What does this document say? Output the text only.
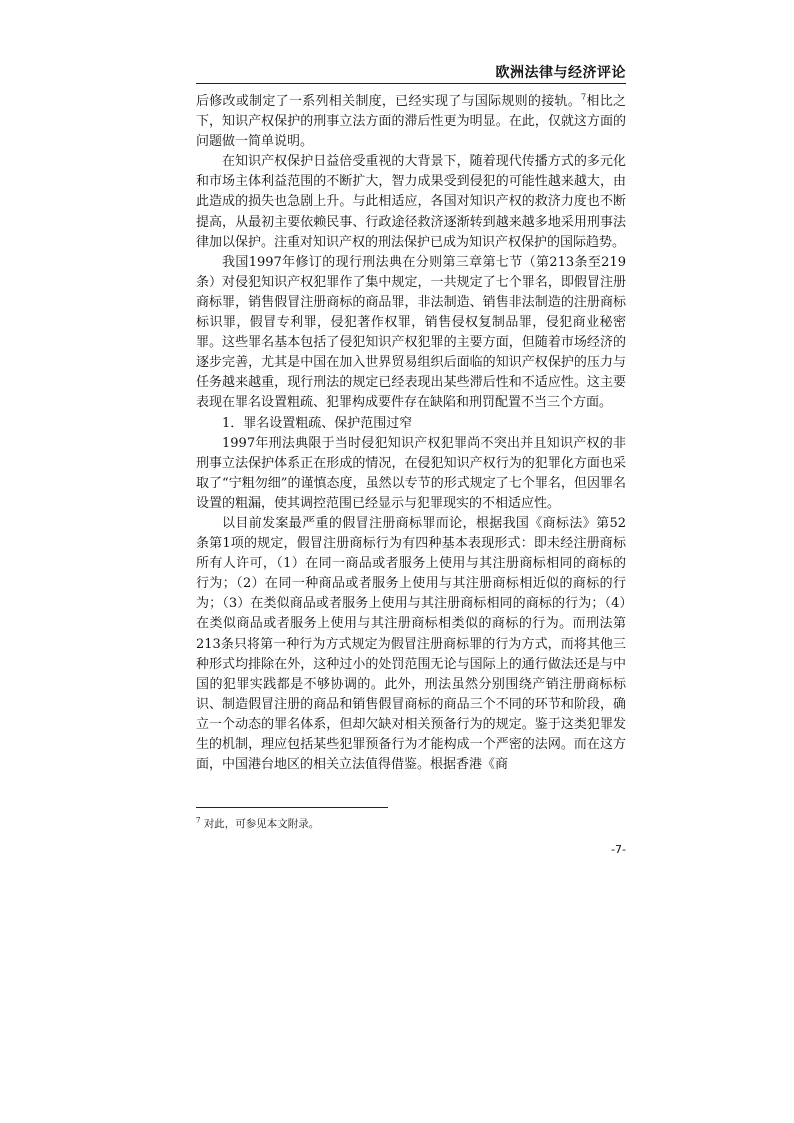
欧洲法律与经济评论

后修改或制定了一系列相关制度，已经实现了与国际规则的接轨。$^7$相比之下，知识产权保护的刑事立法方面的滞后性更为明显。在此，仅就这方面的问题做一简单说明。

在知识产权保护日益倍受重视的大背景下，随着现代传播方式的多元化和市场主体利益范围的不断扩大，智力成果受到侵犯的可能性越来越大，由此造成的损失也急剧上升。与此相适应，各国对知识产权的救济力度也不断提高，从最初主要依赖民事、行政途径救济逐渐转到越来越多地采用刑事法律加以保护。注重对知识产权的刑法保护已成为知识产权保护的国际趋势。

我国1997年修订的现行刑法典在分则第三章第七节（第213条至219条）对侵犯知识产权犯罪作了集中规定，一共规定了七个罪名，即假冒注册商标罪，销售假冒注册商标的商品罪，非法制造、销售非法制造的注册商标标识罪，假冒专利罪，侵犯著作权罪，销售侵权复制品罪，侵犯商业秘密罪。这些罪名基本包括了侵犯知识产权犯罪的主要方面，但随着市场经济的逐步完善，尤其是中国在加入世界贸易组织后面临的知识产权保护的压力与任务越来越重，现行刑法的规定已经表现出某些滞后性和不适应性。这主要表现在罪名设置粗疏、犯罪构成要件存在缺陷和刑罚配置不当三个方面。

1．罪名设置粗疏、保护范围过窄

1997年刑法典限于当时侵犯知识产权犯罪尚不突出并且知识产权的非刑事立法保护体系正在形成的情况，在侵犯知识产权行为的犯罪化方面也采取了“宁粗勿细”的谨慎态度，虽然以专节的形式规定了七个罪名，但因罪名设置的粗漏，使其调控范围已经显示与犯罪现实的不相适应性。

以目前发案最严重的假冒注册商标罪而论，根据我国《商标法》第52条第1项的规定，假冒注册商标行为有四种基本表现形式：即未经注册商标所有人许可，（1）在同一商品或者服务上使用与其注册商标相同的商标的行为；（2）在同一种商品或者服务上使用与其注册商标相近似的商标的行为；（3）在类似商品或者服务上使用与其注册商标相同的商标的行为；（4）在类似商品或者服务上使用与其注册商标相类似的商标的行为。而刑法第213条只将第一种行为方式规定为假冒注册商标罪的行为方式，而将其他三种形式均排除在外，这种过小的处罚范围无论与国际上的通行做法还是与中国的犯罪实践都是不够协调的。此外，刑法虽然分别围绕产销注册商标标识、制造假冒注册的商品和销售假冒商标的商品三个不同的环节和阶段，确立一个动态的罪名体系，但却欠缺对相关预备行为的规定。鉴于这类犯罪发生的机制，理应包括某些犯罪预备行为才能构成一个严密的法网。而在这方面，中国港台地区的相关立法值得借鉴。根据香港《商

$^7$ 对此，可参见本文附录。
-7-
